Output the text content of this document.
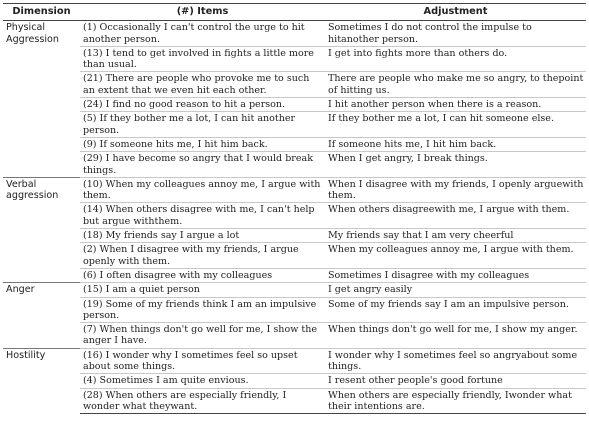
Dimension	(#) Items	Adjustment
Physical Aggression	(1) Occasionally I can't control the urge to hit another person.	Sometimes I do not control the impulse to hitanother person.
	(13) I tend to get involved in fights a little more than usual.	I get into fights more than others do.
	(21) There are people who provoke me to such an extent that we even hit each other.	There are people who make me so angry, to thepoint of hitting us.
	(24) I find no good reason to hit a person.	I hit another person when there is a reason.
	(5) If they bother me a lot, I can hit another person.	If they bother me a lot, I can hit someone else.
	(9) If someone hits me, I hit him back.	If someone hits me, I hit him back.
	(29) I have become so angry that I would break things.	When I get angry, I break things.
Verbal aggression	(10) When my colleagues annoy me, I argue with them.	When I disagree with my friends, I openly arguewith them.
	(14) When others disagree with me, I can't help but argue withthem.	When others disagreewith me, I argue with them.
	(18) My friends say I argue a lot	My friends say that I am very cheerful
	(2) When I disagree with my friends, I argue openly with them.	When my colleagues annoy me, I argue with them.
	(6) I often disagree with my colleagues	Sometimes I disagree with my colleagues
Anger	(15) I am a quiet person	I get angry easily
	(19) Some of my friends think I am an impulsive person.	Some of my friends say I am an impulsive person.
	(7) When things don't go well for me, I show the anger I have.	When things don't go well for me, I show my anger.
Hostility	(16) I wonder why I sometimes feel so upset about some things.	I wonder why I sometimes feel so angryabout some things.
	(4) Sometimes I am quite envious.	I resent other people's good fortune
	(28) When others are especially friendly, I wonder what theywant.	When others are especially friendly, Iwonder what their intentions are.
